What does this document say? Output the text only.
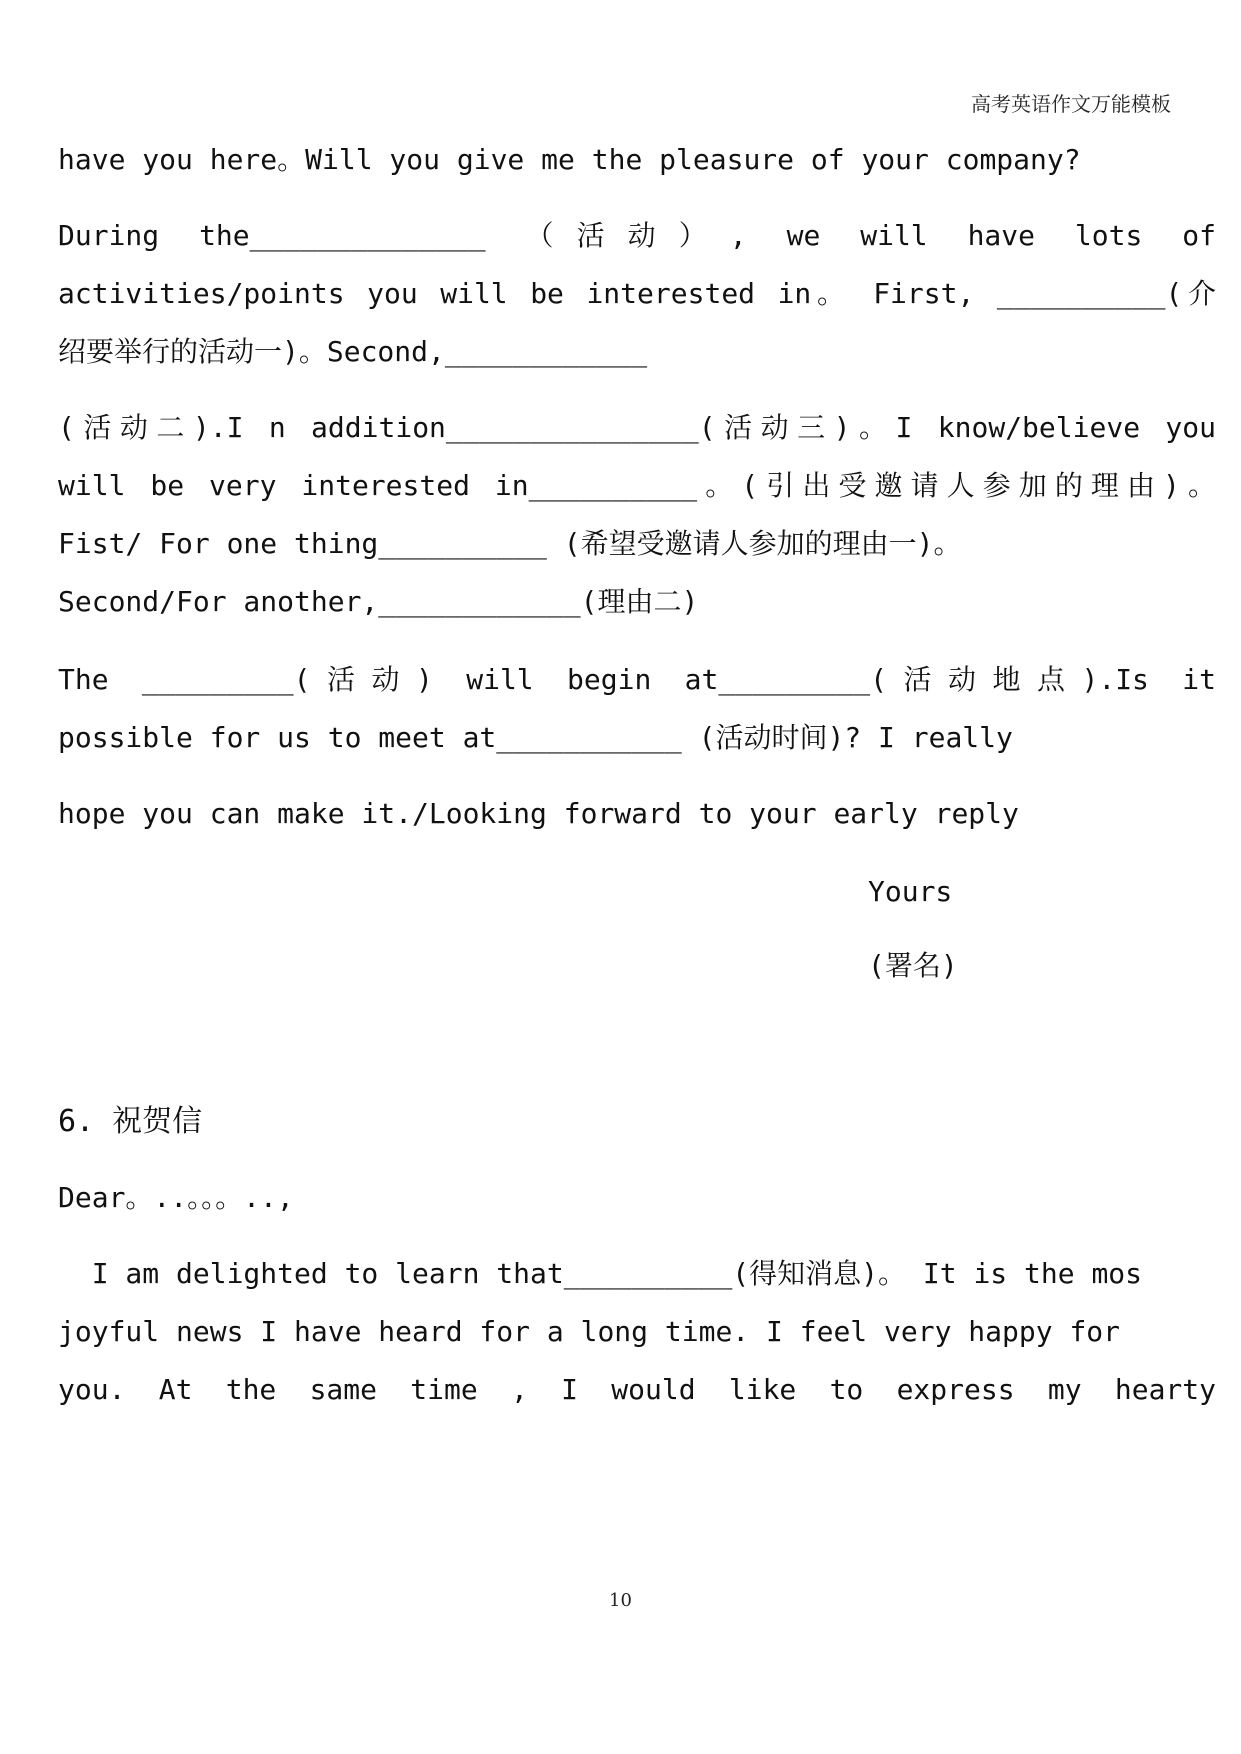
高考英语作文万能模板
have you here。Will you give me the pleasure of your company?
During the______________ （活动）, we will have lots of
activities/points you will be interested in。 First, __________(介
绍要举行的活动一)。Second,____________
(活动二).I n addition_______________(活动三)。I know/believe you
will be very interested in__________。(引出受邀请人参加的理由)。
Fist/ For one thing__________ (希望受邀请人参加的理由一)。
Second/For another,____________(理由二)
The _________(活动) will begin at_________(活动地点).Is it
possible for us to meet at___________ (活动时间)? I really
hope you can make it./Looking forward to your early reply
Yours
(署名)
6. 祝贺信
Dear。..。。。..,
I am delighted to learn that__________(得知消息)。 It is the mos
joyful news I have heard for a long time. I feel very happy for
you. At the same time , I would like to express my hearty
10
